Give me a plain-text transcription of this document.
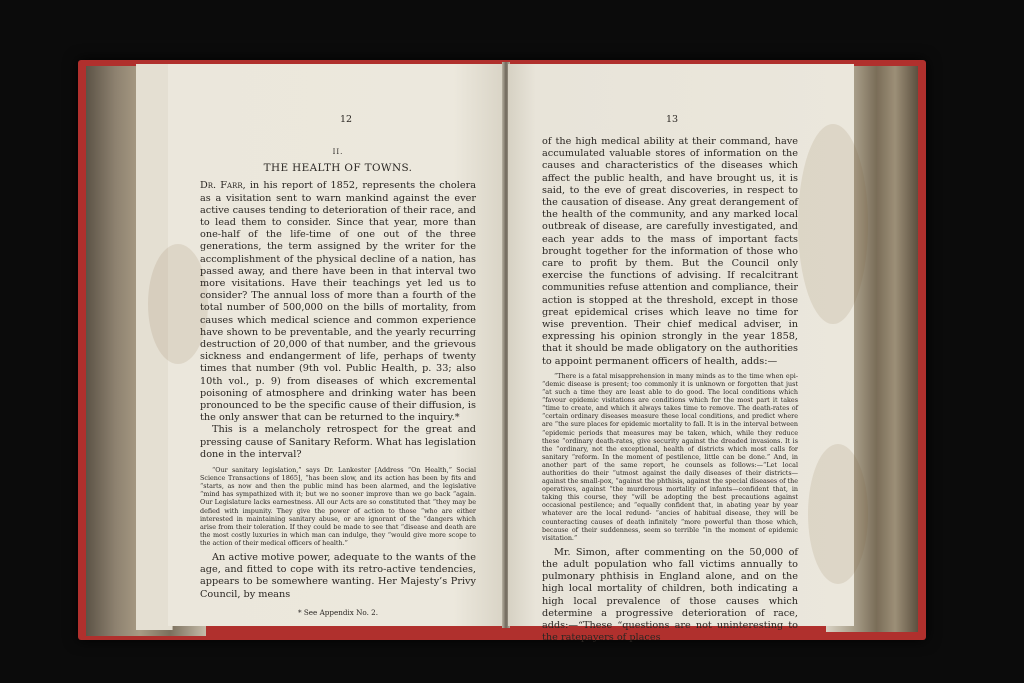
12
II.
THE HEALTH OF TOWNS.

Dr. Farr, in his report of 1852, represents the cholera as a visitation sent to warn mankind against the ever active causes tending to deterioration of their race, and to lead them to consider. Since that year, more than one-half of the life-time of one out of the three generations, the term assigned by the writer for the accomplishment of the physical decline of a nation, has passed away, and there have been in that interval two more visitations. Have their teachings yet led us to consider? The annual loss of more than a fourth of the total number of 500,000 on the bills of mortality, from causes which medical science and common experience have shown to be preventable, and the yearly recurring destruction of 20,000 of that number, and the grievous sickness and endangerment of life, perhaps of twenty times that number (9th vol. Public Health, p. 33; also 10th vol., p. 9) from diseases of which excremental poisoning of atmosphere and drinking water has been pronounced to be the specific cause of their diffusion, is the only answer that can be returned to the inquiry.*

This is a melancholy retrospect for the great and pressing cause of Sanitary Reform. What has legislation done in the interval?

“Our sanitary legislation,” says Dr. Lankester [Address “On Health,” Social Science Transactions of 1865], “has been slow, and its action has been by fits and “starts, as now and then the public mind has been alarmed, and the legislative “mind has sympathized with it; but we no sooner improve than we go back “again. Our Legislature lacks earnestness. All our Acts are so constituted that “they may be defied with impunity. They give the power of action to those “who are either interested in maintaining sanitary abuse, or are ignorant of the “dangers which arise from their toleration. If they could be made to see that “disease and death are the most costly luxuries in which man can indulge, they “would give more scope to the action of their medical officers of health.”

An active motive power, adequate to the wants of the age, and fitted to cope with its retro-active tendencies, appears to be somewhere wanting. Her Majesty’s Privy Council, by means

* See Appendix No. 2.
13

of the high medical ability at their command, have accumulated valuable stores of information on the causes and characteristics of the diseases which affect the public health, and have brought us, it is said, to the eve of great discoveries, in respect to the causation of disease. Any great derangement of the health of the community, and any marked local outbreak of disease, are carefully investigated, and each year adds to the mass of important facts brought together for the information of those who care to profit by them. But the Council only exercise the functions of advising. If recalcitrant communities refuse attention and compliance, their action is stopped at the threshold, except in those great epidemical crises which leave no time for wise prevention. Their chief medical adviser, in expressing his opinion strongly in the year 1858, that it should be made obligatory on the authorities to appoint permanent officers of health, adds:—

“There is a fatal misapprehension in many minds as to the time when epi- “demic disease is present; too commonly it is unknown or forgotten that just “at such a time they are least able to do good. The local conditions which “favour epidemic visitations are conditions which for the most part it takes “time to create, and which it always takes time to remove. The death-rates of “certain ordinary diseases measure these local conditions, and predict where are “the sure places for epidemic mortality to fall. It is in the interval between “epidemic periods that measures may be taken, which, while they reduce these “ordinary death-rates, give security against the dreaded invasions. It is the “ordinary, not the exceptional, health of districts which most calls for sanitary “reform. In the moment of pestilence, little can be done.” And, in another part of the same report, he counsels as follows:—“Let local authorities do their “utmost against the daily diseases of their districts—against the small-pox, “against the phthisis, against the special diseases of the operatives, against “the murderous mortality of infants—confident that, in taking this course, they “will be adopting the best precautions against occasional pestilence; and “equally confident that, in abating year by year whatever are the local redund- “ancies of habitual disease, they will be counteracting causes of death infinitely “more powerful than those which, because of their suddenness, seem so terrible “in the moment of epidemic visitation.”

Mr. Simon, after commenting on the 50,000 of the adult population who fall victims annually to pulmonary phthisis in England alone, and on the high local mortality of children, both indicating a high local prevalence of those causes which determine a progressive deterioration of race, adds:—“These “questions are not uninteresting to the ratepayers of places
